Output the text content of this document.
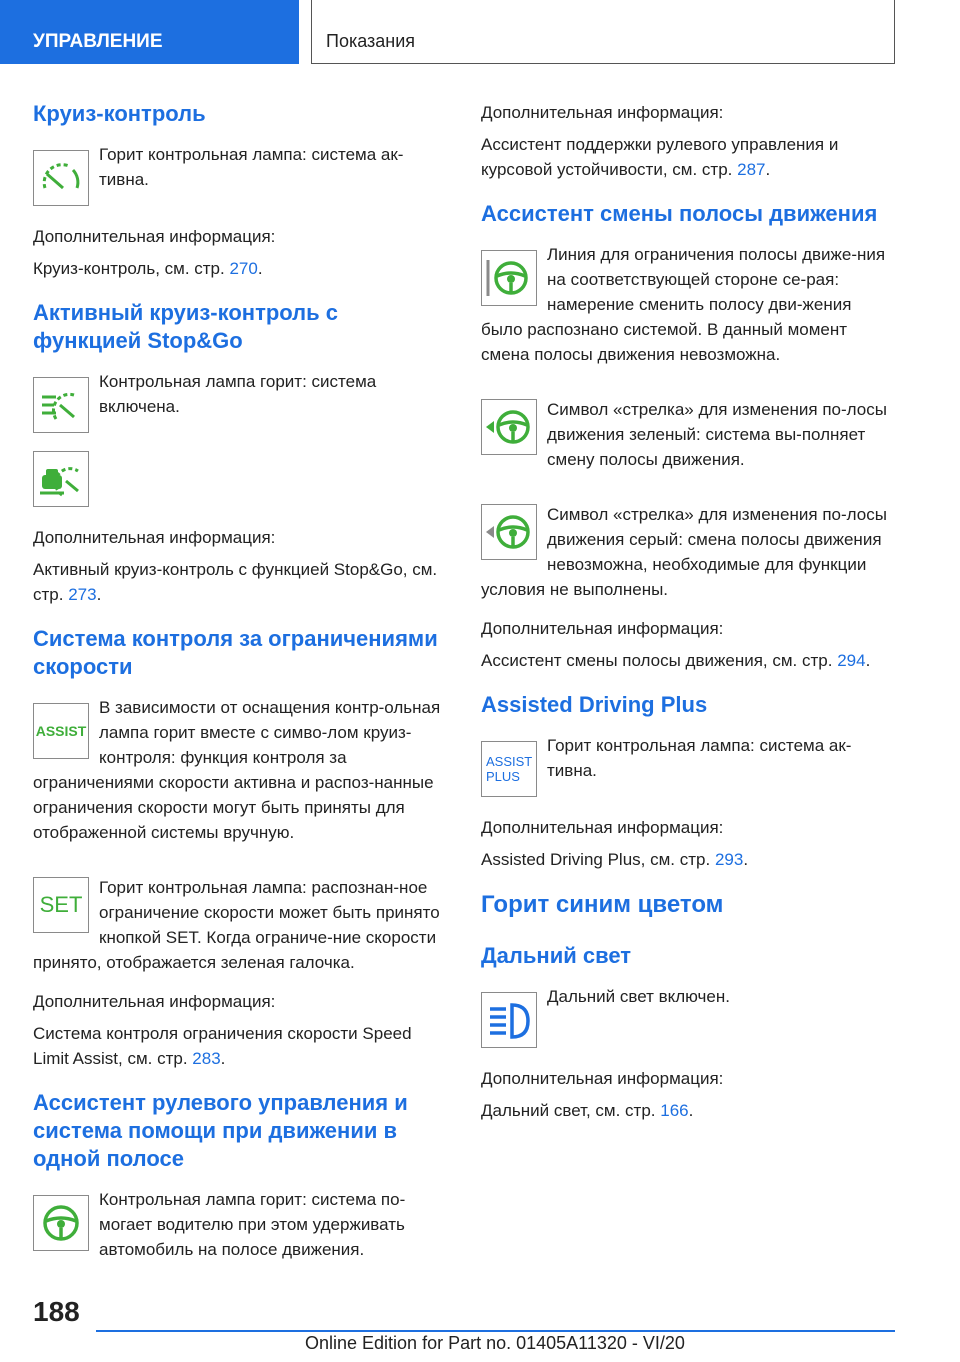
УПРАВЛЕНИЕ	Показания
Круиз-контроль

Горит контрольная лампа: система ак-тивна.

Дополнительная информация:

Круиз-контроль, см. стр. 270.

Активный круиз-контроль с функцией Stop&Go

Контрольная лампа горит: система включена.

Дополнительная информация:

Активный круиз-контроль с функцией Stop&Go, см. стр. 273.

Система контроля за ограничениями скорости
ASSIST

В зависимости от оснащения контр-ольная лампа горит вместе с симво-лом круиз-контроля: функция контроля за ограничениями скорости активна и распоз-нанные ограничения скорости могут быть приняты для отображенной системы вручную.

SET

Горит контрольная лампа: распознан-ное ограничение скорости может быть принято кнопкой SET. Когда ограниче-ние скорости принято, отображается зеленая галочка.

Дополнительная информация:

Система контроля ограничения скорости Speed Limit Assist, см. стр. 283.

Ассистент рулевого управления и система помощи при движении в одной полосе

Контрольная лампа горит: система по-могает водителю при этом удерживать автомобиль на полосе движения.

Дополнительная информация:

Ассистент поддержки рулевого управления и курсовой устойчивости, см. стр. 287.

Ассистент смены полосы движения

Линия для ограничения полосы движе-ния на соответствующей стороне се-рая: намерение сменить полосу дви-жения было распознано системой. В данный момент смена полосы движения невозможна.

Символ «стрелка» для изменения по-лосы движения зеленый: система вы-полняет смену полосы движения.

Символ «стрелка» для изменения по-лосы движения серый: смена полосы движения невозможна, необходимые для функции условия не выполнены.

Дополнительная информация:

Ассистент смены полосы движения, см. стр. 294.

Assisted Driving Plus
ASSIST
PLUS

Горит контрольная лампа: система ак-тивна.

Дополнительная информация:

Assisted Driving Plus, см. стр. 293.

Горит синим цветом
Дальний свет

Дальний свет включен.

Дополнительная информация:

Дальний свет, см. стр. 166.

188
Online Edition for Part no. 01405A11320 - VI/20
